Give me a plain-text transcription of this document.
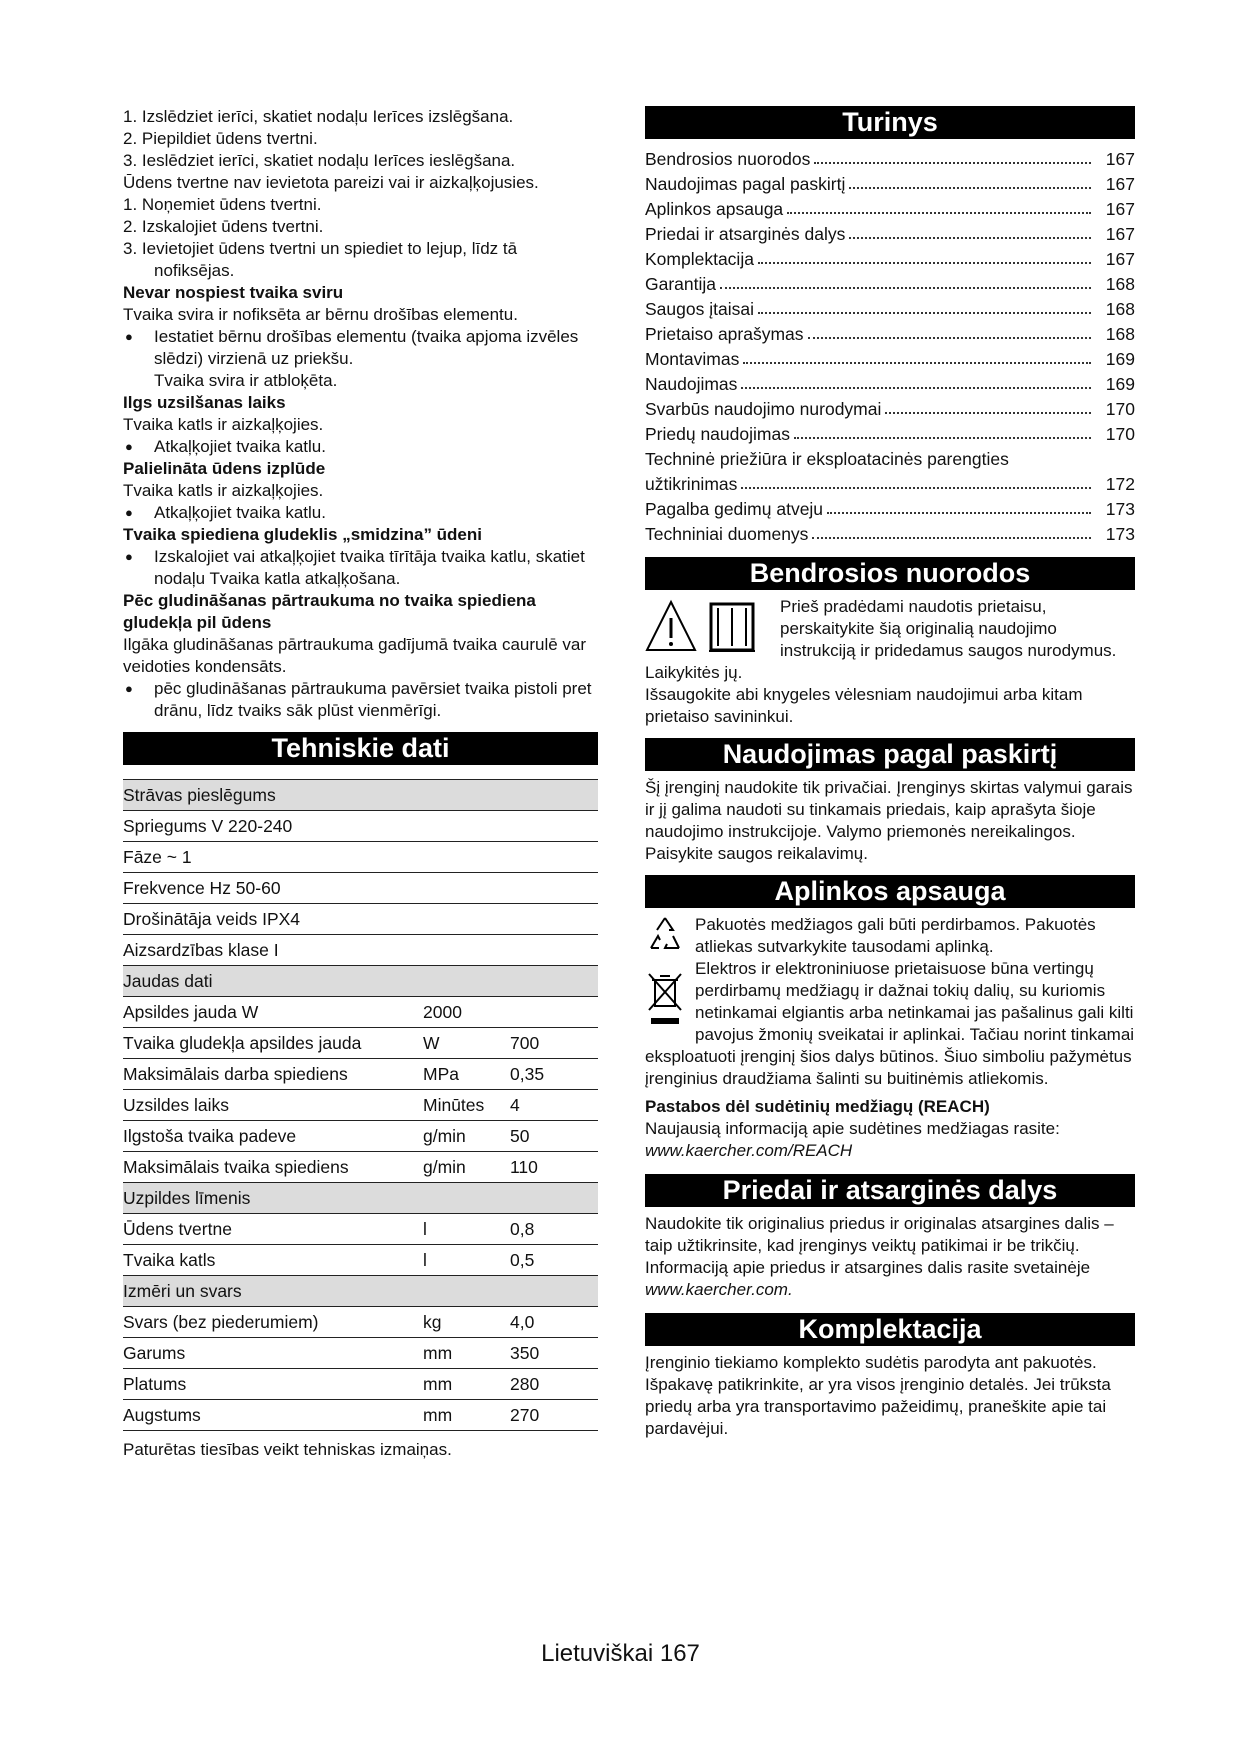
1. Izslēdziet ierīci, skatiet nodaļu Ierīces izslēgšana.

2. Piepildiet ūdens tvertni.

3. Ieslēdziet ierīci, skatiet nodaļu Ierīces ieslēgšana.

Ūdens tvertne nav ievietota pareizi vai ir aizkaļķojusies.

1. Noņemiet ūdens tvertni.

2. Izskalojiet ūdens tvertni.

3. Ievietojiet ūdens tvertni un spiediet to lejup, līdz tā

nofiksējas.

Nevar nospiest tvaika sviru

Tvaika svira ir nofiksēta ar bērnu drošības elementu.

● Iestatiet bērnu drošības elementu (tvaika apjoma izvēles slēdzi) virzienā uz priekšu.

Tvaika svira ir atbloķēta.

Ilgs uzsilšanas laiks

Tvaika katls ir aizkaļķojies.

● Atkaļķojiet tvaika katlu.

Palielināta ūdens izplūde

Tvaika katls ir aizkaļķojies.

● Atkaļķojiet tvaika katlu.

Tvaika spiediena gludeklis „smidzina” ūdeni

● Izskalojiet vai atkaļķojiet tvaika tīrītāja tvaika katlu, skatiet nodaļu Tvaika katla atkaļķošana.

Pēc gludināšanas pārtraukuma no tvaika spiediena gludekļa pil ūdens

Ilgāka gludināšanas pārtraukuma gadījumā tvaika caurulē var veidoties kondensāts.

● pēc gludināšanas pārtraukuma pavērsiet tvaika pistoli pret drānu, līdz tvaiks sāk plūst vienmērīgi.

Tehniskie dati
Strāvas pieslēgums		
Spriegums V 220-240		
Fāze ~ 1		
Frekvence Hz 50-60		
Drošinātāja veids IPX4		
Aizsardzības klase I		
Jaudas dati		
Apsildes jauda W	2000	
Tvaika gludekļa apsildes jauda	W	700
Maksimālais darba spiediens	MPa	0,35
Uzsildes laiks	Minūtes	4
Ilgstoša tvaika padeve	g/min	50
Maksimālais tvaika spiediens	g/min	110
Uzpildes līmenis		
Ūdens tvertne	l	0,8
Tvaika katls	l	0,5
Izmēri un svars		
Svars (bez piederumiem)	kg	4,0
Garums	mm	350
Platums	mm	280
Augstums	mm	270

Paturētas tiesības veikt tehniskas izmaiņas.

Turinys
Bendrosios nuorodos	167
Naudojimas pagal paskirtį	167
Aplinkos apsauga	167
Priedai ir atsarginės dalys	167
Komplektacija	167
Garantija	168
Saugos įtaisai	168
Prietaiso aprašymas	168
Montavimas	169
Naudojimas	169
Svarbūs naudojimo nurodymai	170
Priedų naudojimas	170
Techninė priežiūra ir eksploatacinės parengties
užtikrinimas	172
Pagalba gedimų atveju	173
Techniniai duomenys	173
Bendrosios nuorodos

Prieš pradėdami naudotis prietaisu, perskaitykite šią originalią naudojimo instrukciją ir pridedamus saugos nurodymus. Laikykitės jų.

Išsaugokite abi knygeles vėlesniam naudojimui arba kitam prietaiso savininkui.

Naudojimas pagal paskirtį

Šį įrenginį naudokite tik privačiai. Įrenginys skirtas valymui garais ir jį galima naudoti su tinkamais priedais, kaip aprašyta šioje naudojimo instrukcijoje. Valymo priemonės nereikalingos. Paisykite saugos reikalavimų.

Aplinkos apsauga

Pakuotės medžiagos gali būti perdirbamos. Pakuotės atliekas sutvarkykite tausodami aplinką.

Elektros ir elektroniniuose prietaisuose būna vertingų perdirbamų medžiagų ir dažnai tokių dalių, su kuriomis netinkamai elgiantis arba netinkamai jas pašalinus gali kilti pavojus žmonių sveikatai ir aplinkai. Tačiau norint tinkamai eksploatuoti įrenginį šios dalys būtinos. Šiuo simboliu pažymėtus įrenginius draudžiama šalinti su buitinėmis atliekomis.

Pastabos dėl sudėtinių medžiagų (REACH)

Naujausią informaciją apie sudėtines medžiagas rasite:

www.kaercher.com/REACH

Priedai ir atsarginės dalys

Naudokite tik originalius priedus ir originalas atsargines dalis – taip užtikrinsite, kad įrenginys veiktų patikimai ir be trikčių.

Informaciją apie priedus ir atsargines dalis rasite svetainėje www.kaercher.com.

Komplektacija

Įrenginio tiekiamo komplekto sudėtis parodyta ant pakuotės. Išpakavę patikrinkite, ar yra visos įrenginio detalės. Jei trūksta priedų arba yra transportavimo pažeidimų, praneškite apie tai pardavėjui.

Lietuviškai 167
